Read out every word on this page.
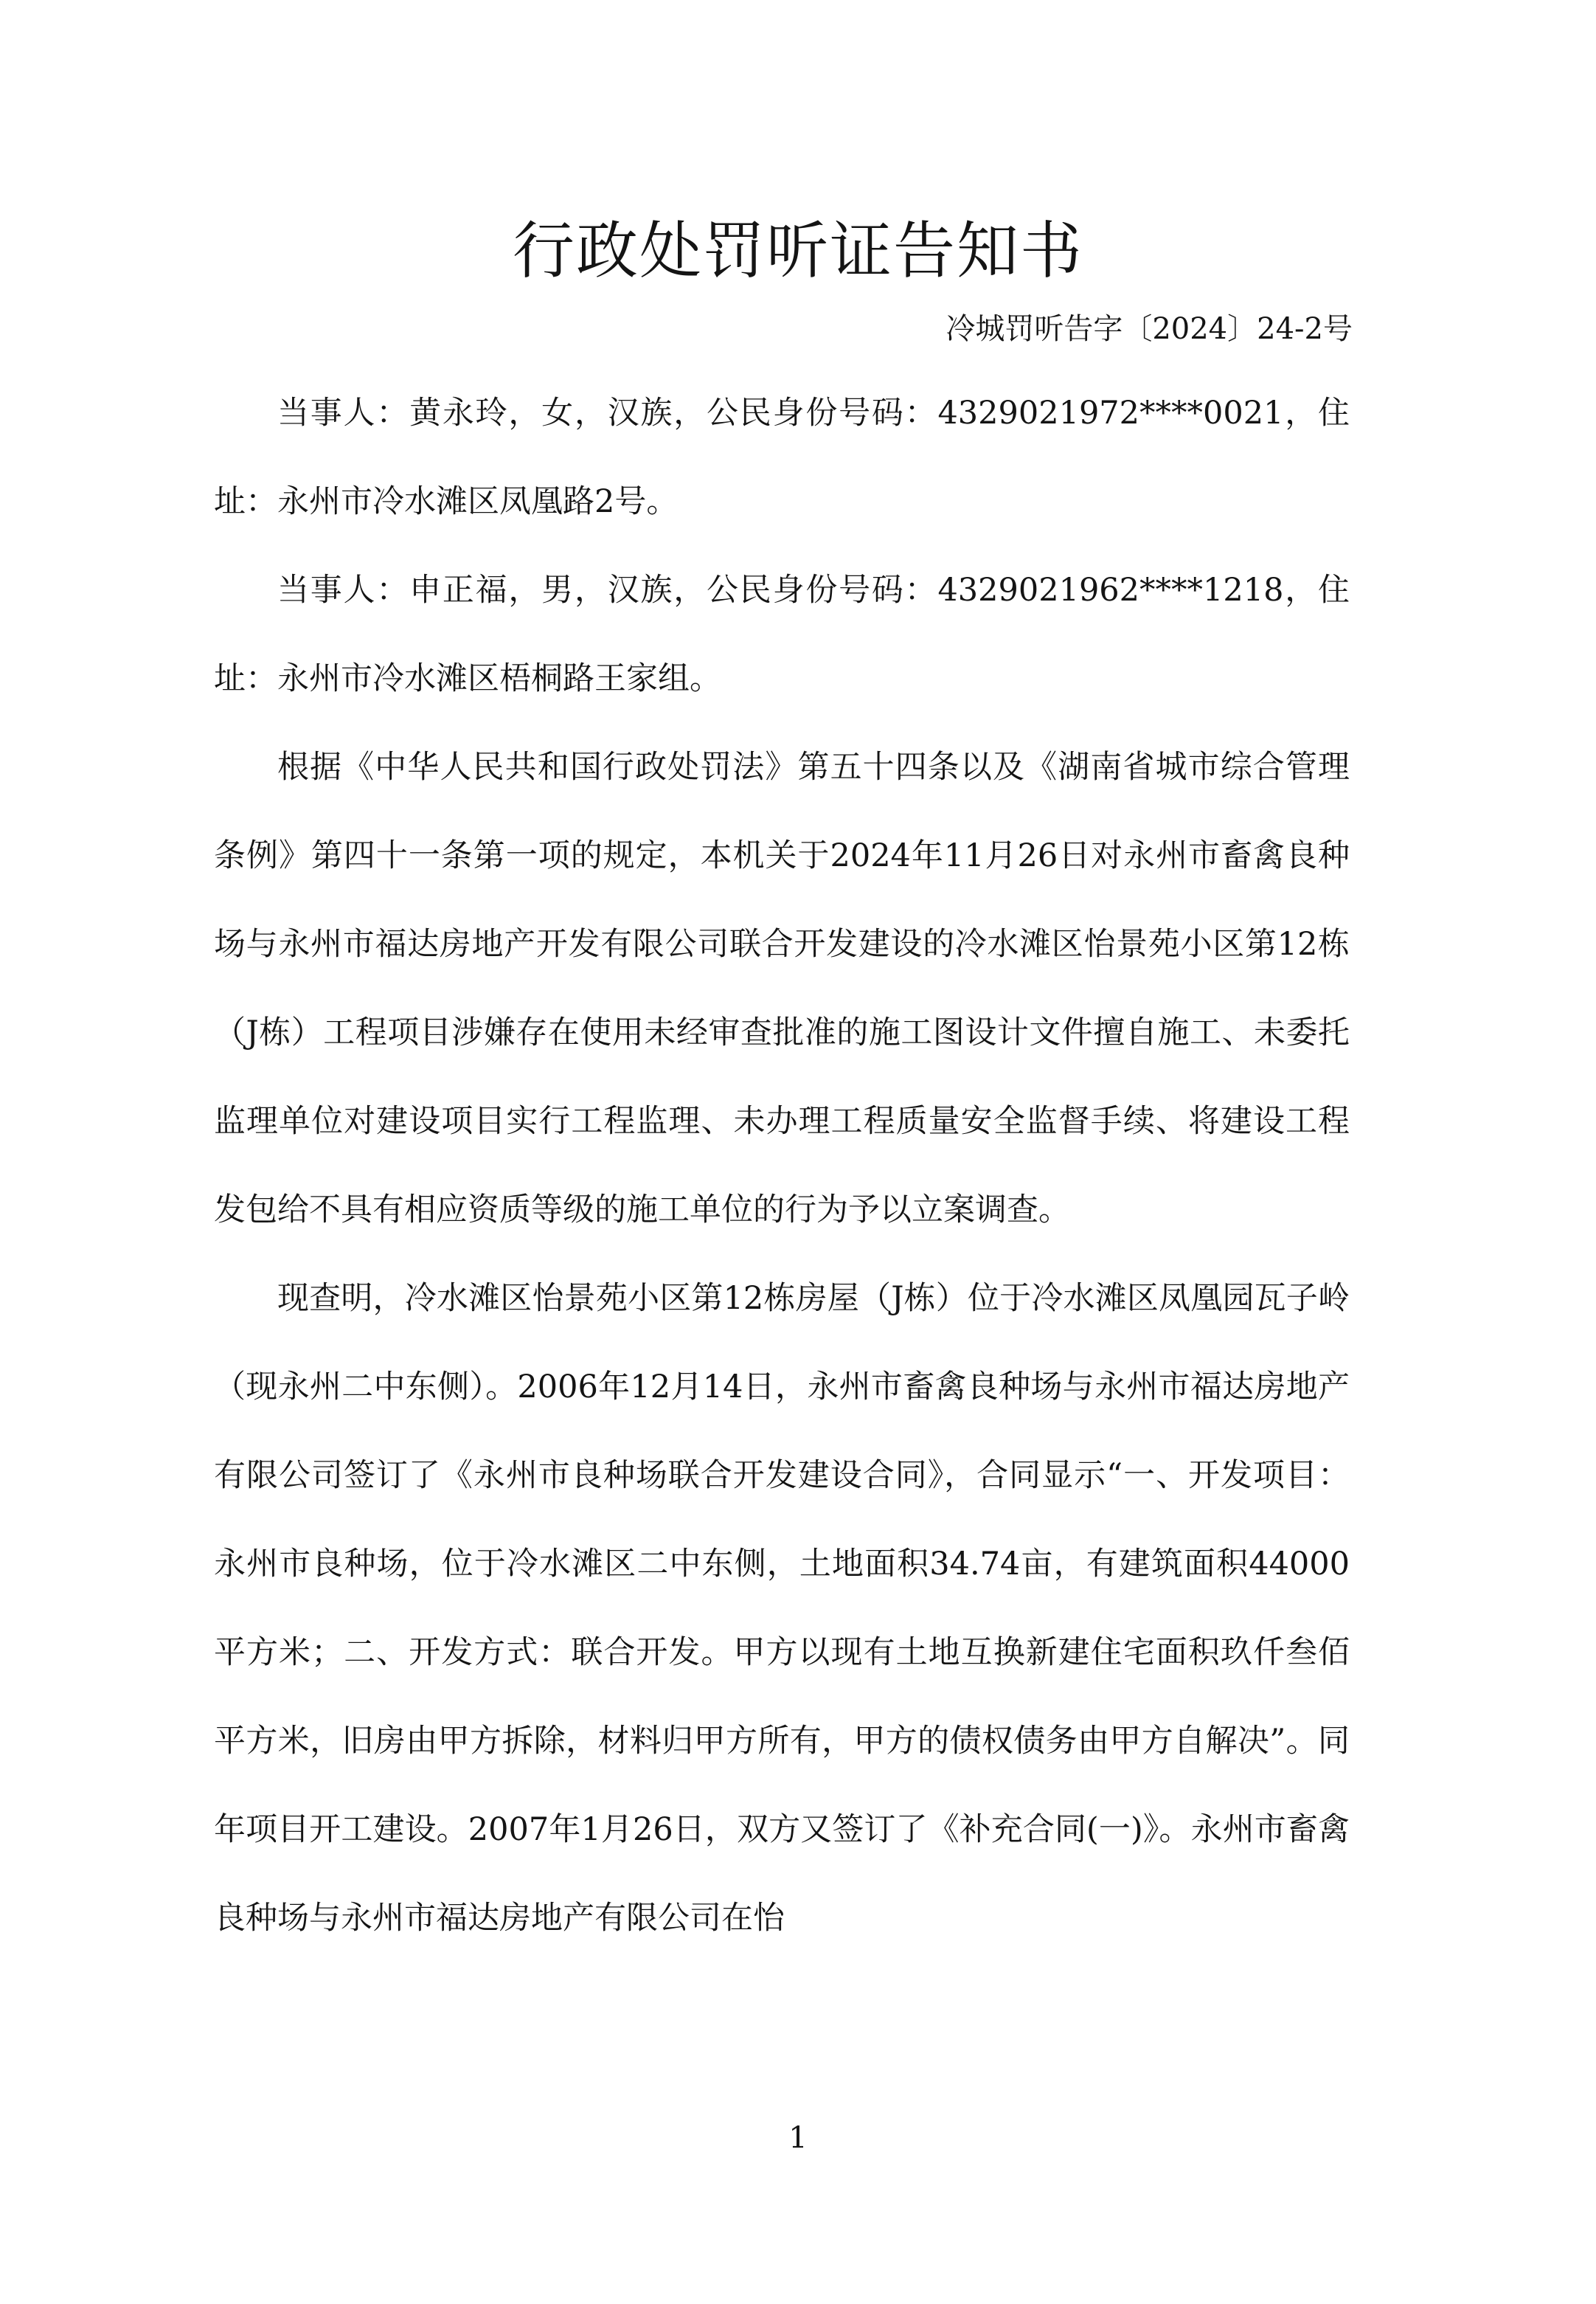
行政处罚听证告知书

冷城罚听告字〔2024〕24-2号

当事人：黄永玲，女，汉族，公民身份号码：4329021972****0021，住址：永州市冷水滩区凤凰路2号。

当事人：申正福，男，汉族，公民身份号码：4329021962****1218，住址：永州市冷水滩区梧桐路王家组。

根据《中华人民共和国行政处罚法》第五十四条以及《湖南省城市综合管理条例》第四十一条第一项的规定，本机关于2024年11月26日对永州市畜禽良种场与永州市福达房地产开发有限公司联合开发建设的冷水滩区怡景苑小区第12栋（J栋）工程项目涉嫌存在使用未经审查批准的施工图设计文件擅自施工、未委托监理单位对建设项目实行工程监理、未办理工程质量安全监督手续、将建设工程发包给不具有相应资质等级的施工单位的行为予以立案调查。

现查明，冷水滩区怡景苑小区第12栋房屋（J栋）位于冷水滩区凤凰园瓦子岭（现永州二中东侧）。2006年12月14日，永州市畜禽良种场与永州市福达房地产有限公司签订了《永州市良种场联合开发建设合同》，合同显示“一、开发项目：永州市良种场，位于冷水滩区二中东侧，土地面积34.74亩，有建筑面积44000平方米；二、开发方式：联合开发。甲方以现有土地互换新建住宅面积玖仟叁佰平方米，旧房由甲方拆除，材料归甲方所有，甲方的债权债务由甲方自解决”。同年项目开工建设。2007年1月26日，双方又签订了《补充合同(一)》。永州市畜禽良种场与永州市福达房地产有限公司在怡

1
